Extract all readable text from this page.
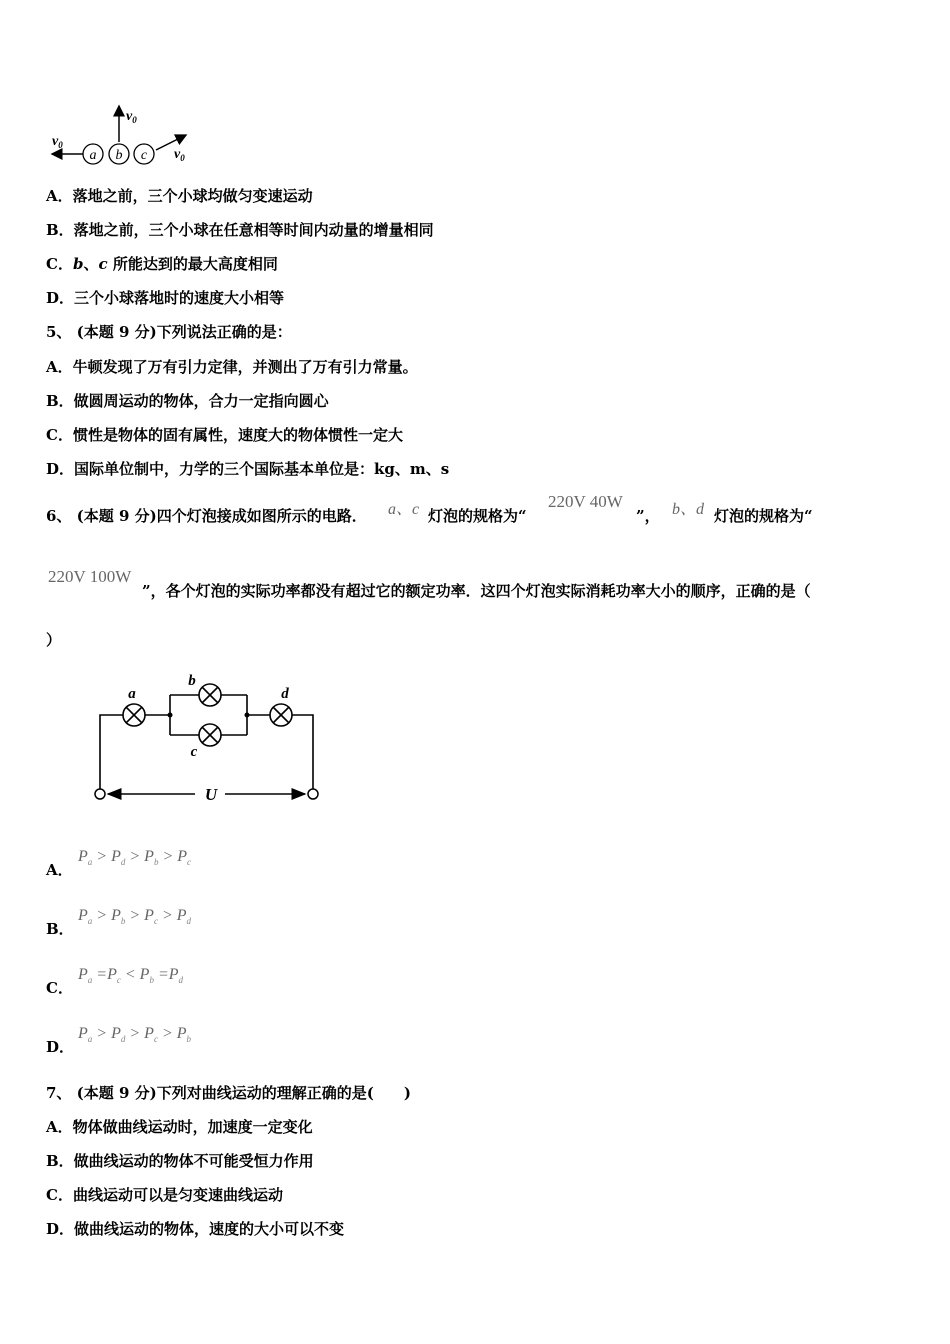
a b c
$v_0$
$v_0$
$v_0$
A．落地之前，三个小球均做匀变速运动
B．落地之前，三个小球在任意相等时间内动量的增量相同
C．b、c 所能达到的最大高度相同
D．三个小球落地时的速度大小相等
5、 (本题 9 分)下列说法正确的是：
A．牛顿发现了万有引力定律，并测出了万有引力常量。
B．做圆周运动的物体，合力一定指向圆心
C．惯性是物体的固有属性，速度大的物体惯性一定大
D．国际单位制中，力学的三个国际基本单位是：kg、m、s
6、 (本题 9 分)四个灯泡接成如图所示的电路． a、c 灯泡的规格为“
220V 40W
”， b、d 灯泡的规格为“
220V 100W
”，各个灯泡的实际功率都没有超过它的额定功率．这四个灯泡实际消耗功率大小的顺序，正确的是（
）
U
a
b
c
d
A．
$P_a > P_d > P_b > P_c$
B．
$P_a > P_b > P_c > P_d$
C．
$P_a =P_c < P_b =P_d$
D．
$P_a > P_d > P_c > P_b$
7、 (本题 9 分)下列对曲线运动的理解正确的是(　　)
A．物体做曲线运动时，加速度一定变化
B．做曲线运动的物体不可能受恒力作用
C．曲线运动可以是匀变速曲线运动
D．做曲线运动的物体，速度的大小可以不变
